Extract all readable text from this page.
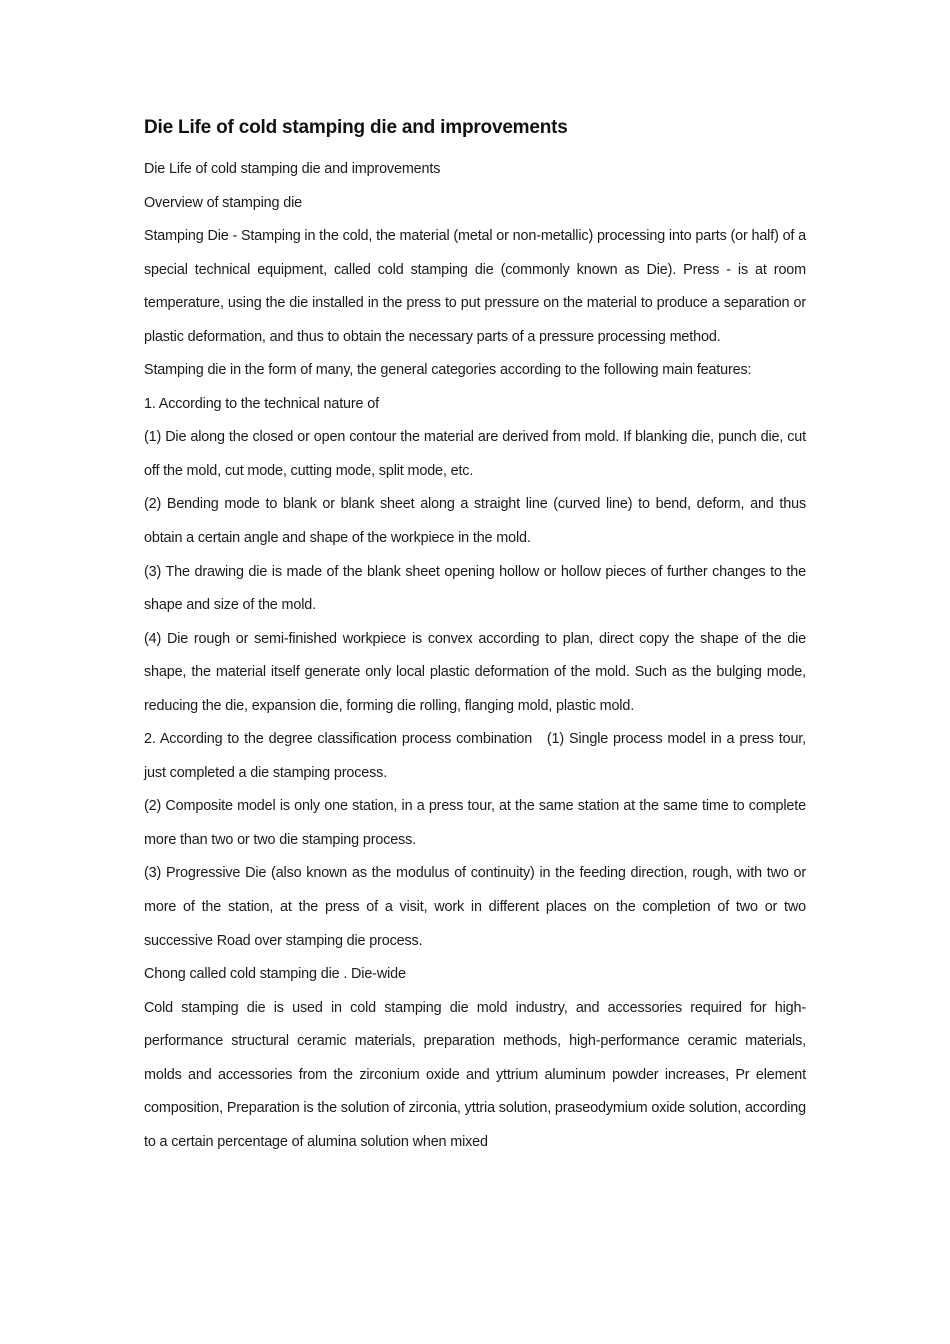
Die Life of cold stamping die and improvements

Die Life of cold stamping die and improvements

Overview of stamping die

Stamping Die - Stamping in the cold, the material (metal or non-metallic) processing into parts (or half) of a special technical equipment, called cold stamping die (commonly known as Die). Press - is at room temperature, using the die installed in the press to put pressure on the material to produce a separation or plastic deformation, and thus to obtain the necessary parts of a pressure processing method.

Stamping die in the form of many, the general categories according to the following main features:

1. According to the technical nature of

(1) Die along the closed or open contour the material are derived from mold. If blanking die, punch die, cut off the mold, cut mode, cutting mode, split mode, etc.

(2) Bending mode to blank or blank sheet along a straight line (curved line) to bend, deform, and thus obtain a certain angle and shape of the workpiece in the mold.

(3) The drawing die is made of the blank sheet opening hollow or hollow pieces of further changes to the shape and size of the mold.

(4) Die rough or semi-finished workpiece is convex according to plan, direct copy the shape of the die shape, the material itself generate only local plastic deformation of the mold. Such as the bulging mode, reducing the die, expansion die, forming die rolling, flanging mold, plastic mold.

2. According to the degree classification process combination   (1) Single process model in a press tour, just completed a die stamping process.

(2) Composite model is only one station, in a press tour, at the same station at the same time to complete more than two or two die stamping process.

(3) Progressive Die (also known as the modulus of continuity) in the feeding direction, rough, with two or more of the station, at the press of a visit, work in different places on the completion of two or two successive Road over stamping die process.

Chong called cold stamping die . Die-wide

Cold stamping die is used in cold stamping die mold industry, and accessories required for high-performance structural ceramic materials, preparation methods, high-performance ceramic materials, molds and accessories from the zirconium oxide and yttrium aluminum powder increases, Pr element composition, Preparation is the solution of zirconia, yttria solution, praseodymium oxide solution, according to a certain percentage of alumina solution when mixed
